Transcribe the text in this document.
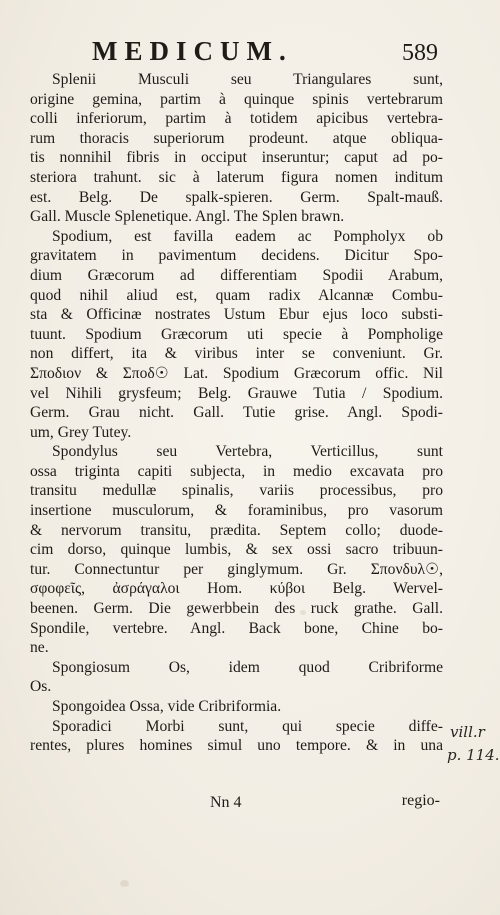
MEDICUM.	589
Splenii Musculi seu Triangulares sunt,
origine gemina, partim à quinque spinis vertebrarum
colli inferiorum, partim à totidem apicibus vertebra-
rum thoracis superiorum prodeunt. atque obliqua-
tis nonnihil fibris in occiput inseruntur; caput ad po-
steriora trahunt. sic à laterum figura nomen inditum
est. Belg. De spalk-spieren. Germ. Spalt-mauß.
Gall. Muscle Splenetique. Angl. The Splen brawn.
Spodium, est favilla eadem ac Pompholyx ob
gravitatem in pavimentum decidens. Dicitur Spo-
dium Græcorum ad differentiam Spodii Arabum,
quod nihil aliud est, quam radix Alcannæ Combu-
sta & Officinæ nostrates Ustum Ebur ejus loco substi-
tuunt. Spodium Græcorum uti specie à Pompholige
non differt, ita & viribus inter se conveniunt. Gr.
Σποδιον & Σποδ☉ Lat. Spodium Græcorum offic. Nil
vel Nihili grysfeum; Belg. Grauwe Tutia / Spodium.
Germ. Grau nicht. Gall. Tutie grise. Angl. Spodi-
um, Grey Tutey.
Spondylus seu Vertebra, Verticillus, sunt
ossa triginta capiti subjecta, in medio excavata pro
transitu medullæ spinalis, variis processibus, pro
insertione musculorum, & foraminibus, pro vasorum
& nervorum transitu, prædita. Septem collo; duode-
cim dorso, quinque lumbis, & sex ossi sacro tribuun-
tur. Connectuntur per ginglymum. Gr. Σπονδυλ☉,
σφοφεῖς, ἀσράγαλοι Hom. κύβοι Belg. Wervel-
beenen. Germ. Die gewerbbein des ruck grathe. Gall.
Spondile, vertebre. Angl. Back bone, Chine bo-
ne.
Spongiosum Os, idem quod Cribriforme
Os.
Spongoidea Ossa, vide Cribriformia.
Sporadici Morbi sunt, qui specie diffe-
rentes, plures homines simul uno tempore. & in una
vill.r
p. 114.
Nn 4	regio-
